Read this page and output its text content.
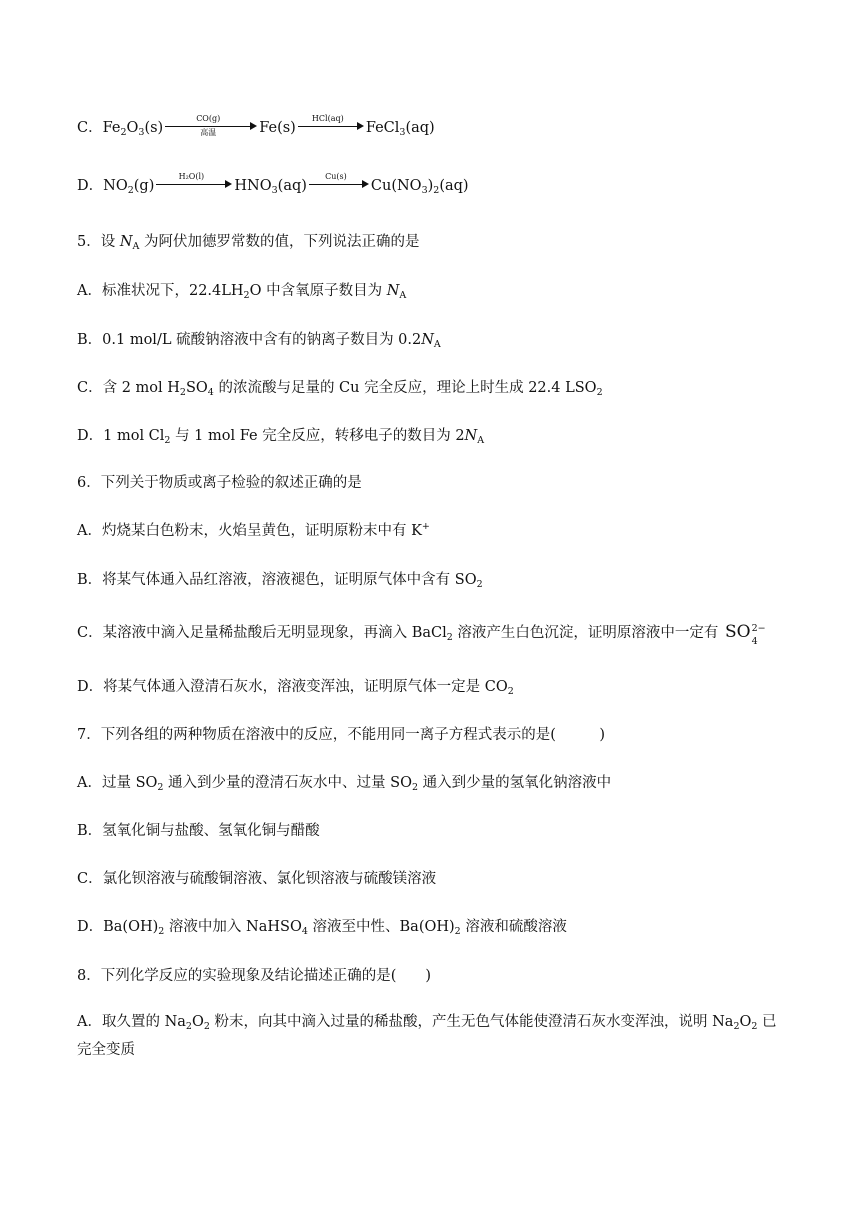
C．$Fe_2O_3(s)$
CO(g)
高温	Fe(s)
HCl(aq)
FeCl$_3$(aq)
D．$NO_2(g)$
H₂O(l)
$HNO_3(aq)$
Cu(s)
$Cu(NO_3)_2(aq)$
5．设 $N_A$ 为阿伏加德罗常数的值，下列说法正确的是
A．标准状况下，$22.4LH_2O$ 中含氧原子数目为 $N_A$
B．0.1 mol/L 硫酸钠溶液中含有的钠离子数目为 $0.2N_A$
C．含 2 mol $H_2SO_4$ 的浓流酸与足量的 Cu 完全反应，理论上时生成 22.4 $LSO_2$
D．1 mol $Cl_2$ 与 1 mol Fe 完全反应，转移电子的数目为 $2N_A$
6．下列关于物质或离子检验的叙述正确的是
A．灼烧某白色粉末，火焰呈黄色，证明原粉末中有 K+
B．将某气体通入品红溶液，溶液褪色，证明原气体中含有 $SO_2$
C．某溶液中滴入足量稀盐酸后无明显现象，再滴入 BaCl$_2$ 溶液产生白色沉淀，证明原溶液中一定有 SO 2−
4
D．将某气体通入澄清石灰水，溶液变浑浊，证明原气体一定是 $CO_2$
7．下列各组的两种物质在溶液中的反应，不能用同一离子方程式表示的是(　　　)
A．过量 $SO_2$ 通入到少量的澄清石灰水中、过量 $SO_2$ 通入到少量的氢氧化钠溶液中
B．氢氧化铜与盐酸、氢氧化铜与醋酸
C．氯化钡溶液与硫酸铜溶液、氯化钡溶液与硫酸镁溶液
D．$Ba(OH)_2$ 溶液中加入 NaHSO$_4$ 溶液至中性、$Ba(OH)_2$ 溶液和硫酸溶液
8．下列化学反应的实验现象及结论描述正确的是(　　)
A．取久置的 $Na_2O_2$ 粉末，向其中滴入过量的稀盐酸，产生无色气体能使澄清石灰水变浑浊，说明 $Na_2O_2$ 已完全变质
